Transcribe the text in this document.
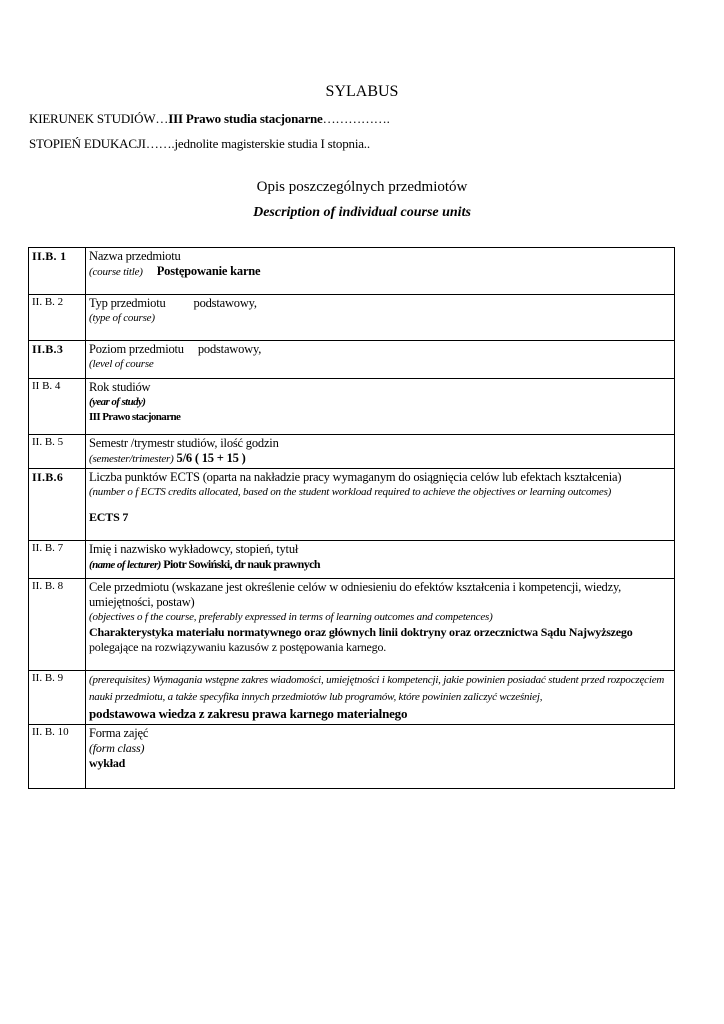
SYLABUS
KIERUNEK STUDIÓW…III Prawo studia stacjonarne…………….
STOPIEŃ EDUKACJI…….jednolite magisterskie studia I stopnia..
Opis poszczególnych przedmiotów
Description of individual course units
II.B. 1	Nazwa przedmiotu
(course title) Postępowanie karne

II. B. 2	Typ przedmiotu podstawowy,
(type of course)

II.B.3	Poziom przedmiotu podstawowy,
(level of course

II B. 4	Rok studiów
(year of study)
III Prawo stacjonarne

II. B. 5	Semestr /trymestr studiów, ilość godzin
(semester/trimester) 5/6 ( 15 + 15 )

II.B.6	Liczba punktów ECTS (oparta na nakładzie pracy wymaganym do osiągnięcia celów lub efektach kształcenia)
(number o f ECTS credits allocated, based on the student workload required to achieve the objectives or learning outcomes)
ECTS 7

II. B. 7	Imię i nazwisko wykładowcy, stopień, tytuł
(name of lecturer) Piotr Sowiński, dr nauk prawnych

II. B. 8	Cele przedmiotu (wskazane jest określenie celów w odniesieniu do efektów kształcenia i kompetencji, wiedzy, umiejętności, postaw)
(objectives o f the course, preferably expressed in terms of learning outcomes and competences)
Charakterystyka materiału normatywnego oraz głównych linii doktryny oraz orzecznictwa Sądu Najwyższego
polegające na rozwiązywaniu kazusów z postępowania karnego.

II. B. 9	(prerequisites) Wymagania wstępne zakres wiadomości, umiejętności i kompetencji, jakie powinien posiadać student przed rozpoczęciem nauki przedmiotu, a także specyfika innych przedmiotów lub programów, które powinien zaliczyć wcześniej,
podstawowa wiedza z zakresu prawa karnego materialnego

II. B. 10	Forma zajęć
(form class)
wykład
